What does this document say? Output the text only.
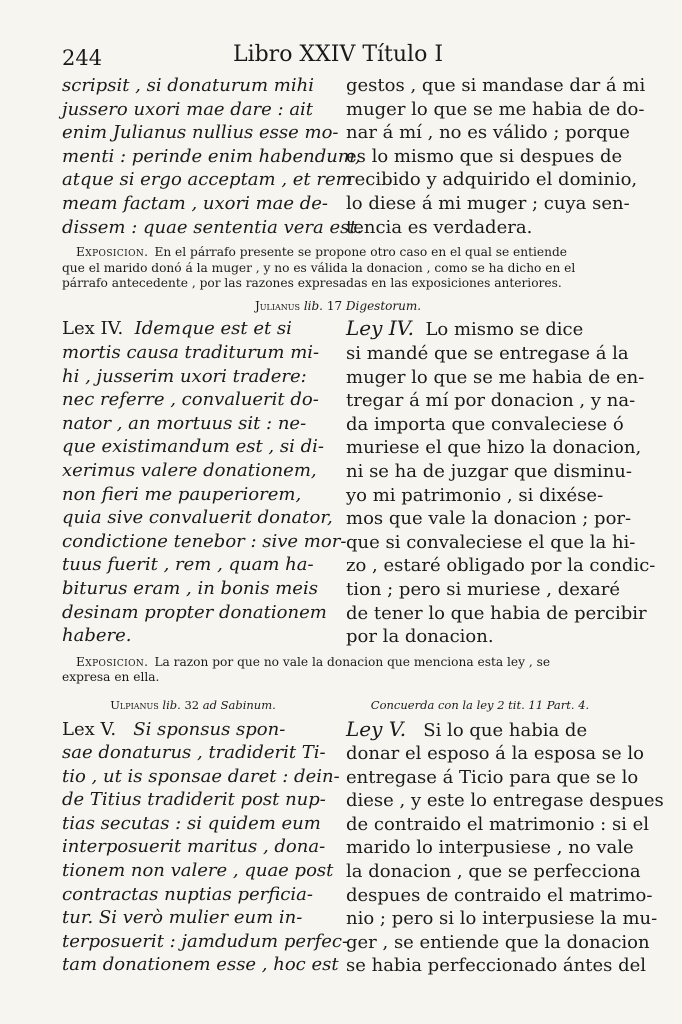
244	Libro XXIV Título I
scripsit , si donaturum mihi
jussero uxori mae dare : ait
enim Julianus nullius esse mo-
menti : perinde enim habendum,
atque si ergo acceptam , et rem
meam factam , uxori mae de-
dissem : quae sententia vera est.
gestos , que si mandase dar á mi
muger lo que se me habia de do-
nar á mí , no es válido ; porque
es lo mismo que si despues de
recibido y adquirido el dominio,
lo diese á mi muger ; cuya sen-
tencia es verdadera.
Exposicion. En el párrafo presente se propone otro caso en el qual se entiende
que el marido donó á la muger , y no es válida la donacion , como se ha dicho en el
párrafo antecedente , por las razones expresadas en las exposiciones anteriores.
Julianus lib. 17 Digestorum.
Lex IV. Idemque est et si
mortis causa traditurum mi-
hi , jusserim uxori tradere:
nec referre , convaluerit do-
nator , an mortuus sit : ne-
que existimandum est , si di-
xerimus valere donationem,
non fieri me pauperiorem,
quia sive convaluerit donator,
condictione tenebor : sive mor-
tuus fuerit , rem , quam ha-
biturus eram , in bonis meis
desinam propter donationem
habere.
Ley IV. Lo mismo se dice
si mandé que se entregase á la
muger lo que se me habia de en-
tregar á mí por donacion , y na-
da importa que convaleciese ó
muriese el que hizo la donacion,
ni se ha de juzgar que disminu-
yo mi patrimonio , si dixése-
mos que vale la donacion ; por-
que si convaleciese el que la hi-
zo , estaré obligado por la condic-
tion ; pero si muriese , dexaré
de tener lo que habia de percibir
por la donacion.
Exposicion. La razon por que no vale la donacion que menciona esta ley , se
expresa en ella.
Ulpianus lib. 32 ad Sabinum.	Concuerda con la ley 2 tit. 11 Part. 4.
Lex V. Si sponsus spon-
sae donaturus , tradiderit Ti-
tio , ut is sponsae daret : dein-
de Titius tradiderit post nup-
tias secutas : si quidem eum
interposuerit maritus , dona-
tionem non valere , quae post
contractas nuptias perficia-
tur. Si verò mulier eum in-
terposuerit : jamdudum perfec-
tam donationem esse , hoc est
Ley V. Si lo que habia de
donar el esposo á la esposa se lo
entregase á Ticio para que se lo
diese , y este lo entregase despues
de contraido el matrimonio : si el
marido lo interpusiese , no vale
la donacion , que se perfecciona
despues de contraido el matrimo-
nio ; pero si lo interpusiese la mu-
ger , se entiende que la donacion
se habia perfeccionado ántes del
